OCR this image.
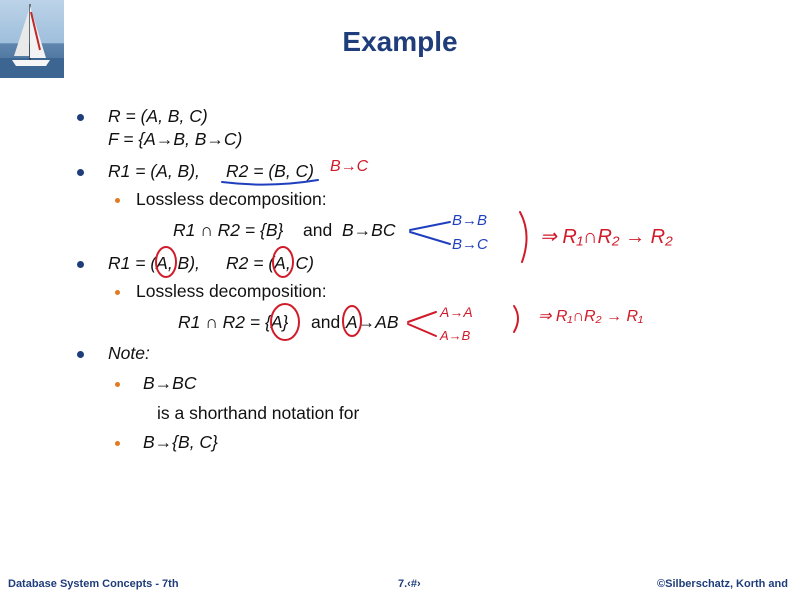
Example
R = (A, B, C)
F = {A→B, B→C)
R1 = (A, B), R2 = (B, C)
Lossless decomposition:
R1 ∩ R2 = {B} and B→BC
R1 = (A, B), R2 = (A, C)
Lossless decomposition:
R1 ∩ R2 = {A} and A→AB
Note:
B→BC
is a shorthand notation for
B→{B, C}
B→C
B→B
B→C	⇒ R₁∩R₂ → R₂
A→A
A→B
⇒ R₁∩R₂ → R₁
Database System Concepts - 7th	7.‹#›	©Silberschatz, Korth and
